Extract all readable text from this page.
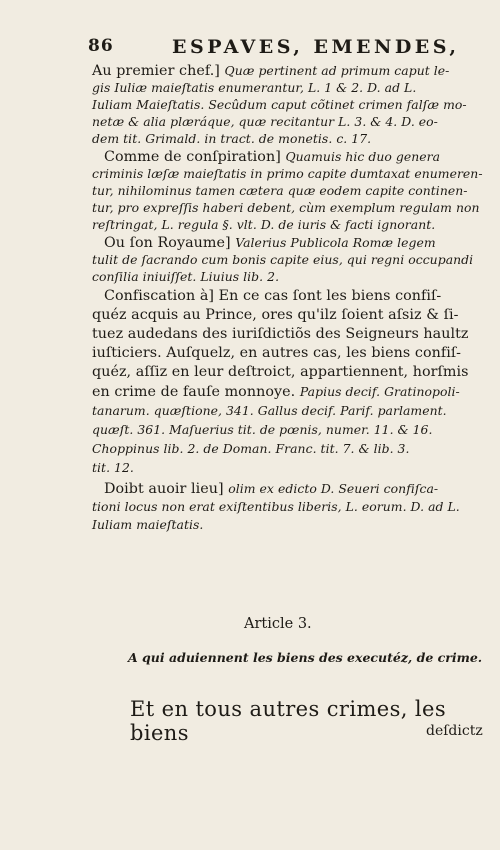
86	ESPAVES, EMENDES,
Au premier chef.] Quæ pertinent ad primum caput le-
gis Iuliæ maieſtatis enumerantur, L. 1 & 2. D. ad L.
Iuliam Maieſtatis. Secûdum caput cõtinet crimen falſæ mo-
netæ & alia plæráque, quæ recitantur L. 3. & 4. D. eo-
dem tit. Grimald. in tract. de monetis. c. 17.
Comme de conſpiration] Quamuis hic duo genera
criminis læſæ maieſtatis in primo capite dumtaxat enumeren-
tur, nihilominus tamen cætera quæ eodem capite continen-
tur, pro expreſſis haberi debent, cùm exemplum regulam non
reſtringat, L. regula §. vlt. D. de iuris & facti ignorant.
Ou ſon Royaume] Valerius Publicola Romæ legem
tulit de ſacrando cum bonis capite eius, qui regni occupandi
conſilia iniuiſſet. Liuius lib. 2.
Confiscation à] En ce cas ſont les biens confiſ-
quéz acquis au Prince, ores qu'ilz ſoient aſsiz & ſi-
tuez audedans des iuriſdictiõs des Seigneurs haultz
iuſticiers. Auſquelz, en autres cas, les biens confiſ-
quéz, aſſiz en leur deſtroict, appartiennent, horſmis
en crime de fauſe monnoye. Papius decif. Gratinopoli-
tanarum. quæſtione, 341. Gallus decif. Parif. parlament.
quæſt. 361. Maſuerius tit. de pœnis, numer. 11. & 16.
Choppinus lib. 2. de Doman. Franc. tit. 7. & lib. 3.
tit. 12.
Doibt auoir lieu] olim ex edicto D. Seueri confiſca-
tioni locus non erat exiſtentibus liberis, L. eorum. D. ad L.
Iuliam maieſtatis.
Article 3.
A qui aduiennent les biens des executéz, de crime.
Et en tous autres crimes, les biens	deſdictz
